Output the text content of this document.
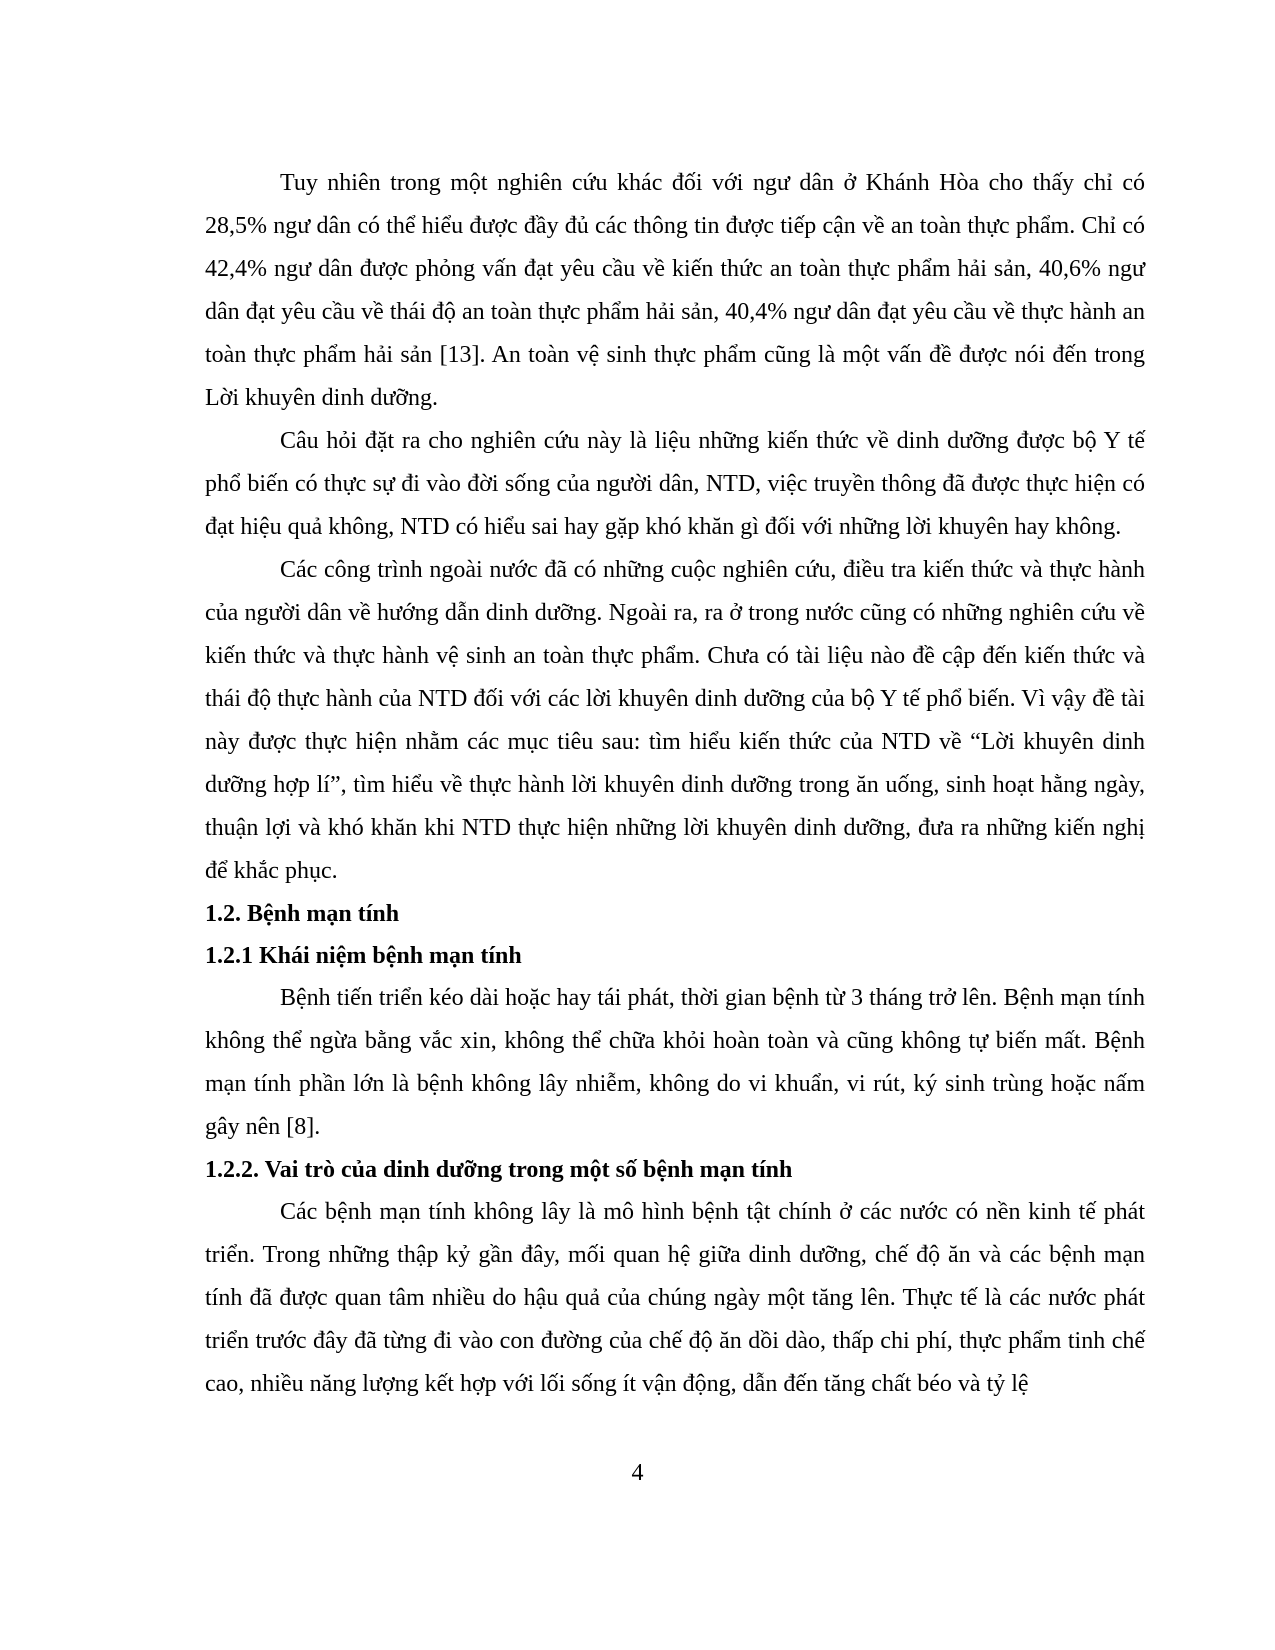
Tuy nhiên trong một nghiên cứu khác đối với ngư dân ở Khánh Hòa cho thấy chỉ có 28,5% ngư dân có thể hiểu được đầy đủ các thông tin được tiếp cận về an toàn thực phẩm. Chỉ có 42,4% ngư dân được phỏng vấn đạt yêu cầu về kiến thức an toàn thực phẩm hải sản, 40,6% ngư dân đạt yêu cầu về thái độ an toàn thực phẩm hải sản, 40,4% ngư dân đạt yêu cầu về thực hành an toàn thực phẩm hải sản [13]. An toàn vệ sinh thực phẩm cũng là một vấn đề được nói đến trong Lời khuyên dinh dưỡng.

Câu hỏi đặt ra cho nghiên cứu này là liệu những kiến thức về dinh dưỡng được bộ Y tế phổ biến có thực sự đi vào đời sống của người dân, NTD, việc truyền thông đã được thực hiện có đạt hiệu quả không, NTD có hiểu sai hay gặp khó khăn gì đối với những lời khuyên hay không.

Các công trình ngoài nước đã có những cuộc nghiên cứu, điều tra kiến thức và thực hành của người dân về hướng dẫn dinh dưỡng. Ngoài ra, ra ở trong nước cũng có những nghiên cứu về kiến thức và thực hành vệ sinh an toàn thực phẩm. Chưa có tài liệu nào đề cập đến kiến thức và thái độ thực hành của NTD đối với các lời khuyên dinh dưỡng của bộ Y tế phổ biến. Vì vậy đề tài này được thực hiện nhằm các mục tiêu sau: tìm hiểu kiến thức của NTD về “Lời khuyên dinh dưỡng hợp lí”, tìm hiểu về thực hành lời khuyên dinh dưỡng trong ăn uống, sinh hoạt hằng ngày, thuận lợi và khó khăn khi NTD thực hiện những lời khuyên dinh dưỡng, đưa ra những kiến nghị để khắc phục.

1.2. Bệnh mạn tính

1.2.1 Khái niệm bệnh mạn tính

Bệnh tiến triển kéo dài hoặc hay tái phát, thời gian bệnh từ 3 tháng trở lên. Bệnh mạn tính không thể ngừa bằng vắc xin, không thể chữa khỏi hoàn toàn và cũng không tự biến mất. Bệnh mạn tính phần lớn là bệnh không lây nhiễm, không do vi khuẩn, vi rút, ký sinh trùng hoặc nấm gây nên [8].

1.2.2. Vai trò của dinh dưỡng trong một số bệnh mạn tính

Các bệnh mạn tính không lây là mô hình bệnh tật chính ở các nước có nền kinh tế phát triển. Trong những thập kỷ gần đây, mối quan hệ giữa dinh dưỡng, chế độ ăn và các bệnh mạn tính đã được quan tâm nhiều do hậu quả của chúng ngày một tăng lên. Thực tế là các nước phát triển trước đây đã từng đi vào con đường của chế độ ăn dồi dào, thấp chi phí, thực phẩm tinh chế cao, nhiều năng lượng kết hợp với lối sống ít vận động, dẫn đến tăng chất béo và tỷ lệ

4
